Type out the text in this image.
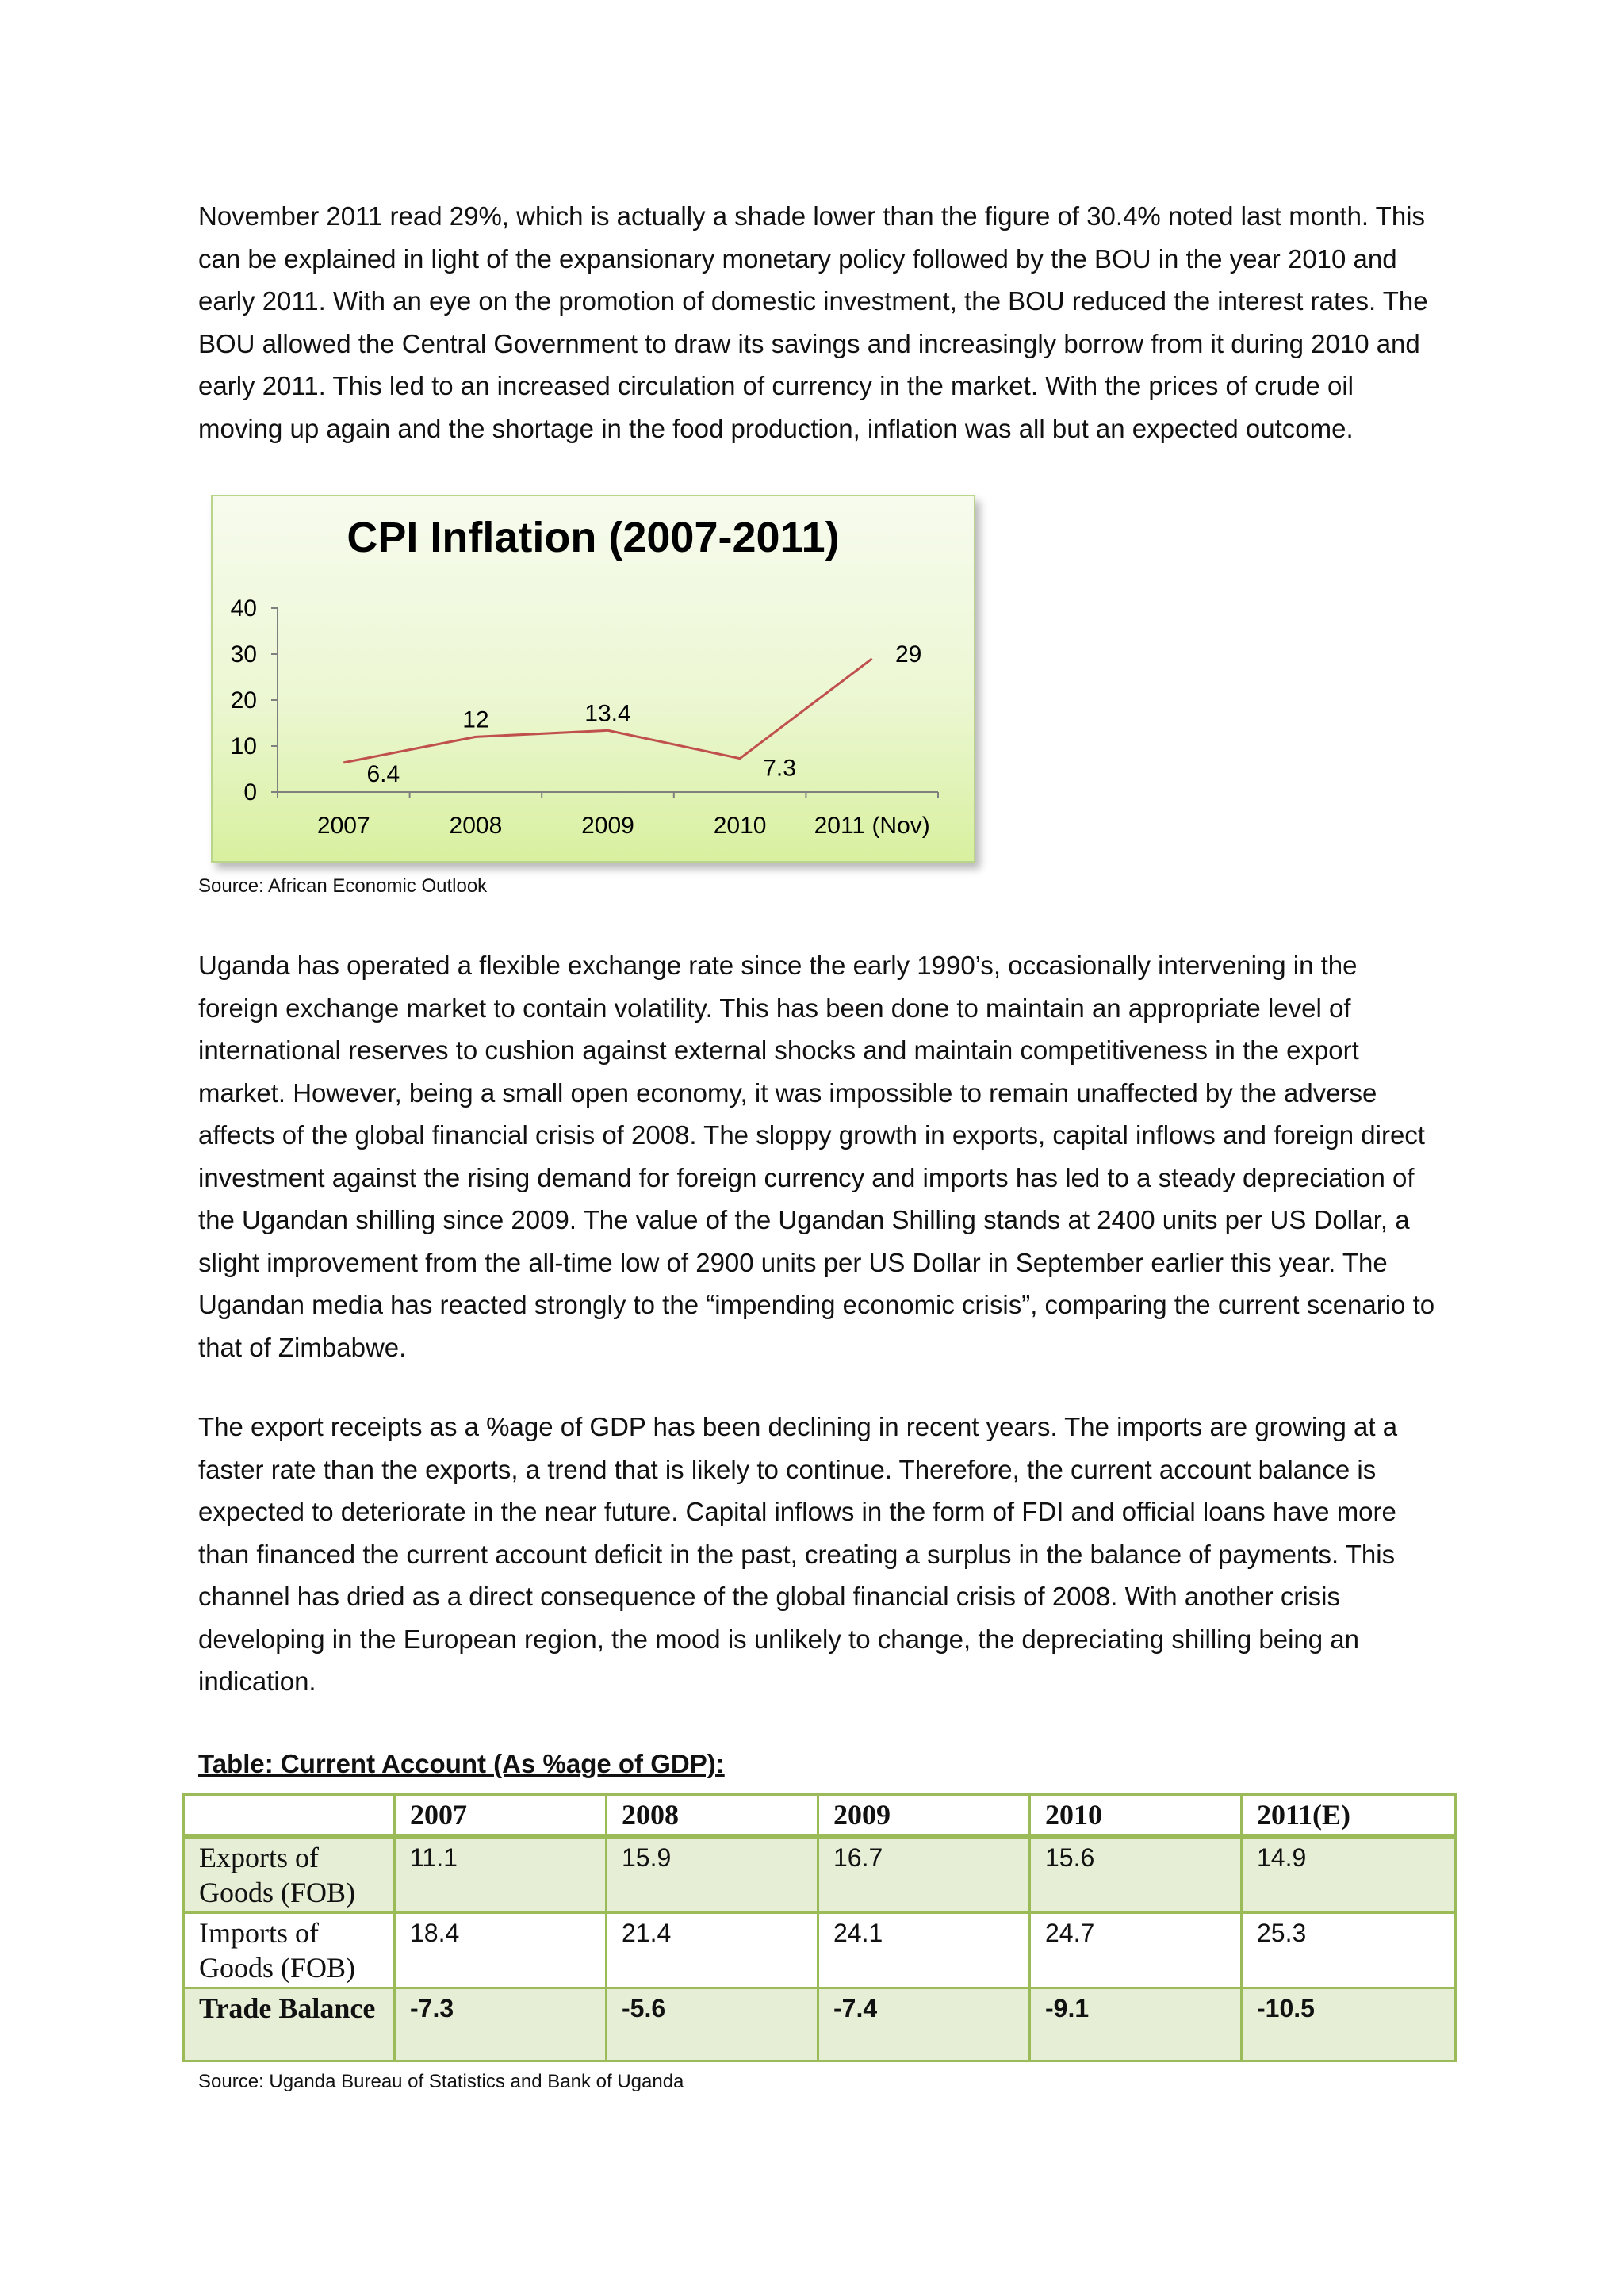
November 2011 read 29%, which is actually a shade lower than the figure of 30.4% noted last month. This can be explained in light of the expansionary monetary policy followed by the BOU in the year 2010 and early 2011. With an eye on the promotion of domestic investment, the BOU reduced the interest rates. The BOU allowed the Central Government to draw its savings and increasingly borrow from it during 2010 and early 2011. This led to an increased circulation of currency in the market. With the prices of crude oil moving up again and the shortage in the food production, inflation was all but an expected outcome.

CPI Inflation (2007-2011)
0
10
20
30
40
2007	2008	2009	2010 2011 (Nov)
6.4
12	13.4
7.3
29

Source: African Economic Outlook

Uganda has operated a flexible exchange rate since the early 1990’s, occasionally intervening in the foreign exchange market to contain volatility. This has been done to maintain an appropriate level of international reserves to cushion against external shocks and maintain competitiveness in the export market. However, being a small open economy, it was impossible to remain unaffected by the adverse affects of the global financial crisis of 2008. The sloppy growth in exports, capital inflows and foreign direct investment against the rising demand for foreign currency and imports has led to a steady depreciation of the Ugandan shilling since 2009. The value of the Ugandan Shilling stands at 2400 units per US Dollar, a slight improvement from the all-time low of 2900 units per US Dollar in September earlier this year. The Ugandan media has reacted strongly to the “impending economic crisis”, comparing the current scenario to that of Zimbabwe.

The export receipts as a %age of GDP has been declining in recent years. The imports are growing at a faster rate than the exports, a trend that is likely to continue. Therefore, the current account balance is expected to deteriorate in the near future. Capital inflows in the form of FDI and official loans have more than financed the current account deficit in the past, creating a surplus in the balance of payments. This channel has dried as a direct consequence of the global financial crisis of 2008. With another crisis developing in the European region, the mood is unlikely to change, the depreciating shilling being an indication.

Table: Current Account (As %age of GDP):

	2007	2008	2009	2010	2011(E)
Exports of Goods (FOB)	11.1	15.9	16.7	15.6	14.9
Imports of Goods (FOB)	18.4	21.4	24.1	24.7	25.3
Trade Balance	-7.3	-5.6	-7.4	-9.1	-10.5

Source: Uganda Bureau of Statistics and Bank of Uganda
